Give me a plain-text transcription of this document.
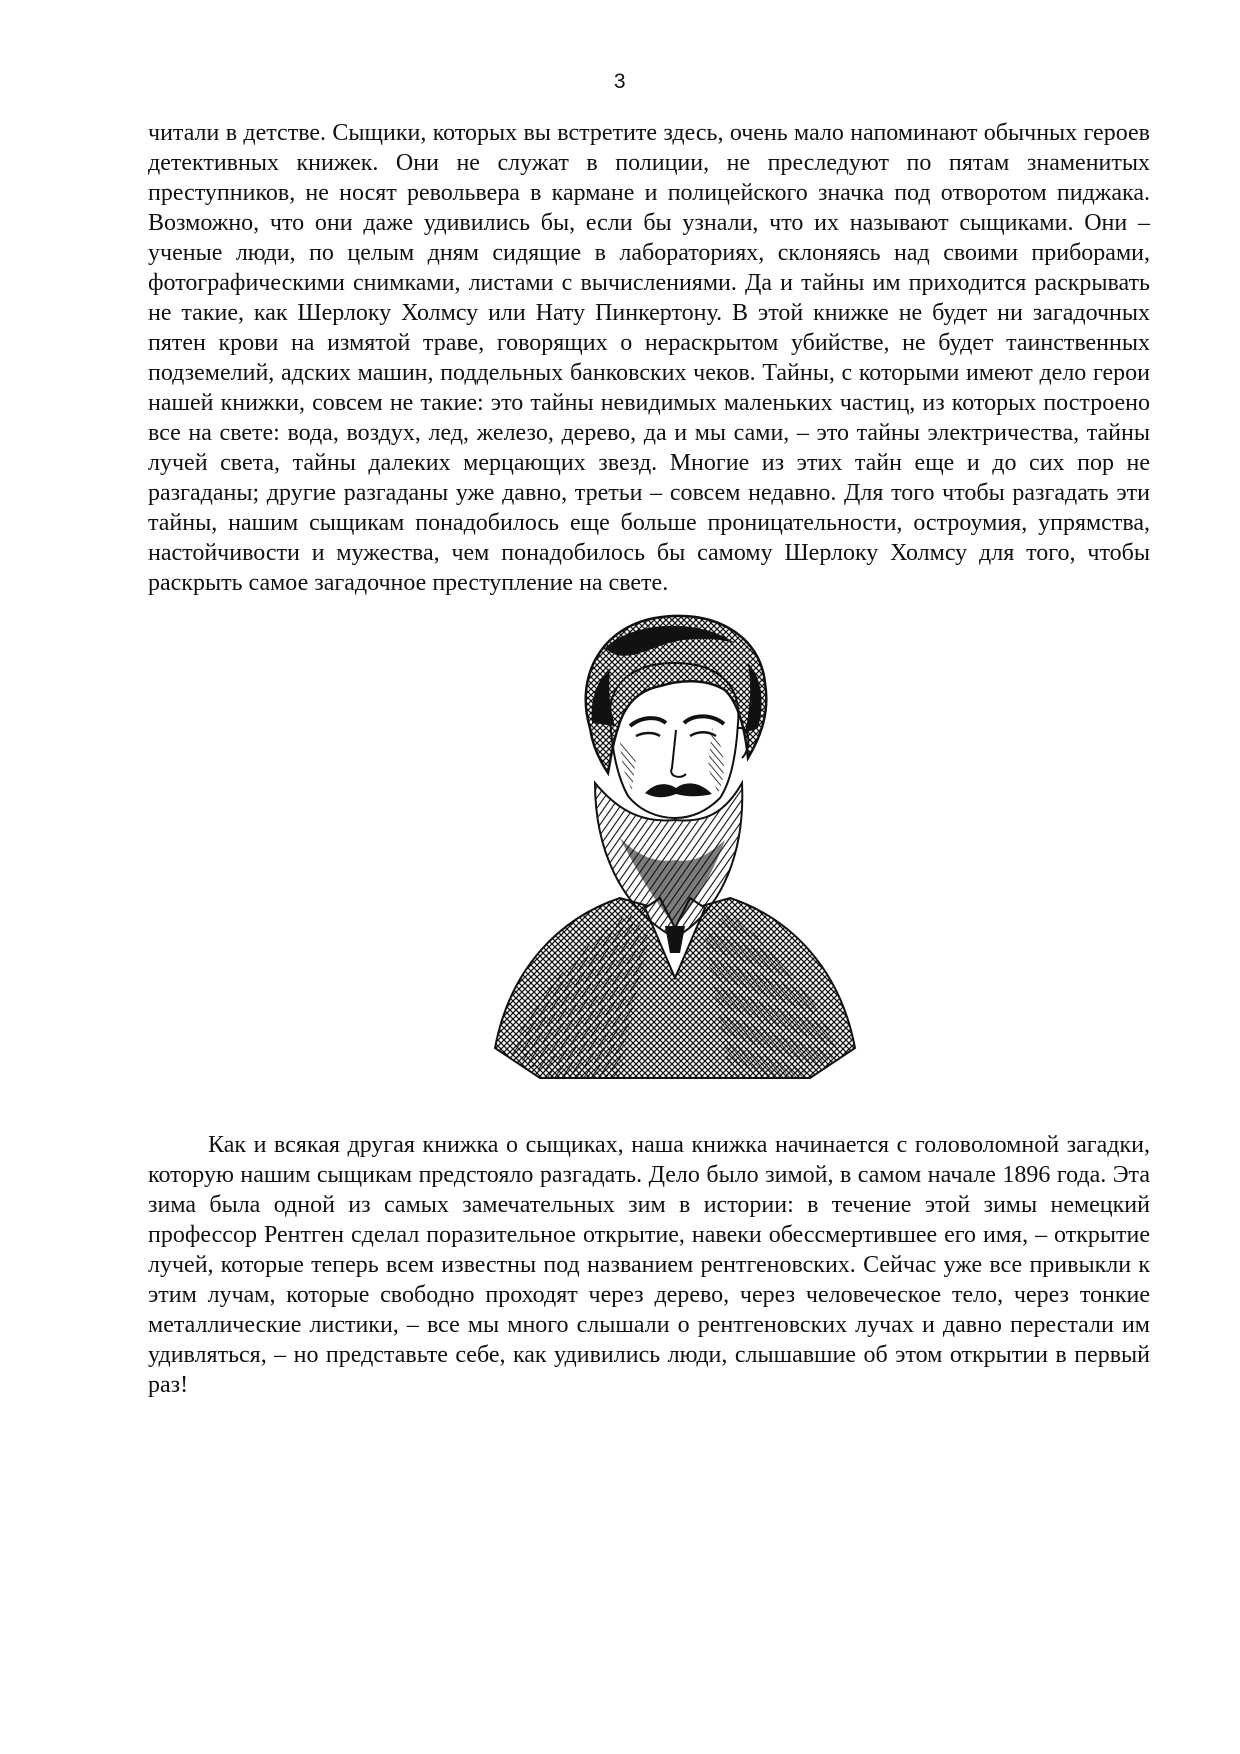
3

читали в детстве. Сыщики, которых вы встретите здесь, очень мало напоминают обычных героев детективных книжек. Они не служат в полиции, не преследуют по пятам знаменитых преступников, не носят револьвера в кармане и полицейского значка под отворотом пиджака. Возможно, что они даже удивились бы, если бы узнали, что их называют сыщиками. Они – ученые люди, по целым дням сидящие в лабораториях, склоняясь над своими приборами, фотографическими снимками, листами с вычислениями. Да и тайны им приходится раскрывать не такие, как Шерлоку Холмсу или Нату Пинкертону. В этой книжке не будет ни загадочных пятен крови на измятой траве, говорящих о нераскрытом убийстве, не будет таинственных подземелий, адских машин, поддельных банковских чеков. Тайны, с которыми имеют дело герои нашей книжки, совсем не такие: это тайны невидимых маленьких частиц, из которых построено все на свете: вода, воздух, лед, железо, дерево, да и мы сами, – это тайны электричества, тайны лучей света, тайны далеких мерцающих звезд. Многие из этих тайн еще и до сих пор не разгаданы; другие разгаданы уже давно, третьи – совсем недавно. Для того чтобы разгадать эти тайны, нашим сыщикам понадобилось еще больше проницательности, остроумия, упрямства, настойчивости и мужества, чем понадобилось бы самому Шерлоку Холмсу для того, чтобы раскрыть самое загадочное преступление на свете.

Как и всякая другая книжка о сыщиках, наша книжка начинается с головоломной загадки, которую нашим сыщикам предстояло разгадать. Дело было зимой, в самом начале 1896 года. Эта зима была одной из самых замечательных зим в истории: в течение этой зимы немецкий профессор Рентген сделал поразительное открытие, навеки обессмертившее его имя, – открытие лучей, которые теперь всем известны под названием рентгеновских. Сейчас уже все привыкли к этим лучам, которые свободно проходят через дерево, через человеческое тело, через тонкие металлические листики, – все мы много слышали о рентгеновских лучах и давно перестали им удивляться, – но представьте себе, как удивились люди, слышавшие об этом открытии в первый раз!
